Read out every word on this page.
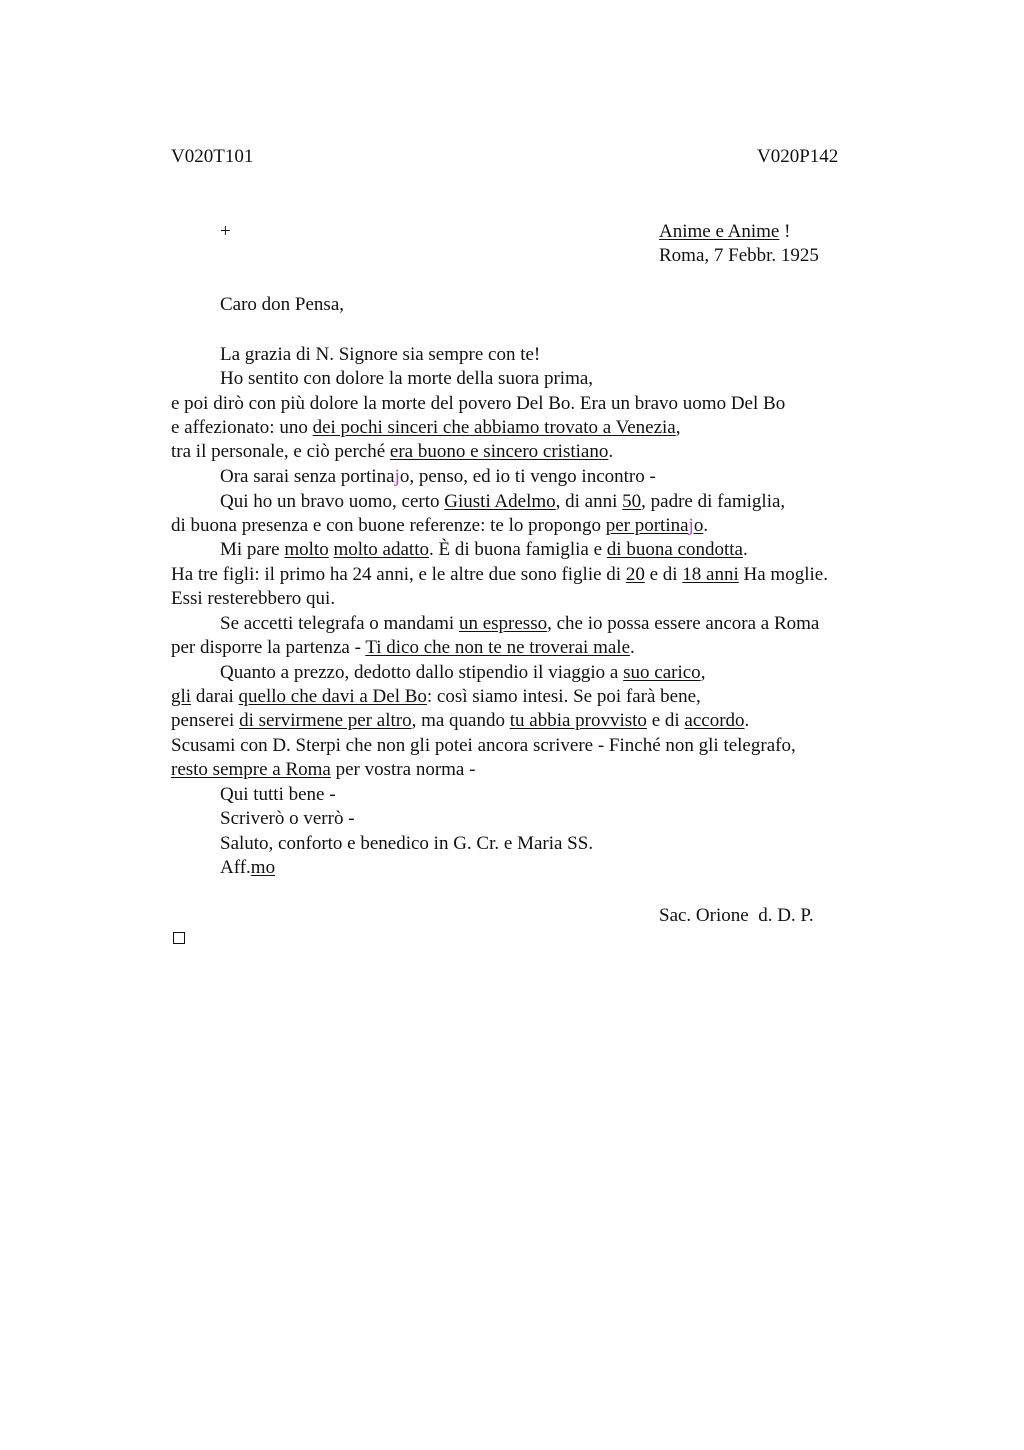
V020T101	V020P142
+	Anime e Anime !
Roma, 7 Febbr. 1925
Caro don Pensa,
La grazia di N. Signore sia sempre con te!
Ho sentito con dolore la morte della suora prima,
e poi dirò con più dolore la morte del povero Del Bo. Era un bravo uomo Del Bo
e affezionato: uno dei pochi sinceri che abbiamo trovato a Venezia,
tra il personale, e ciò perché era buono e sincero cristiano.
Ora sarai senza portinajo, penso, ed io ti vengo incontro -
Qui ho un bravo uomo, certo Giusti Adelmo, di anni 50, padre di famiglia,
di buona presenza e con buone referenze: te lo propongo per portinajo.
Mi pare molto molto adatto. È di buona famiglia e di buona condotta.
Ha tre figli: il primo ha 24 anni, e le altre due sono figlie di 20 e di 18 anni Ha moglie.
Essi resterebbero qui.
Se accetti telegrafa o mandami un espresso, che io possa essere ancora a Roma
per disporre la partenza - Ti dico che non te ne troverai male.
Quanto a prezzo, dedotto dallo stipendio il viaggio a suo carico,
gli darai quello che davi a Del Bo: così siamo intesi. Se poi farà bene,
penserei di servirmene per altro, ma quando tu abbia provvisto e di accordo.
Scusami con D. Sterpi che non gli potei ancora scrivere - Finché non gli telegrafo,
resto sempre a Roma per vostra norma -
Qui tutti bene -
Scriverò o verrò -
Saluto, conforto e benedico in G. Cr. e Maria SS.
Aff.mo
Sac. Orione  d. D. P.
